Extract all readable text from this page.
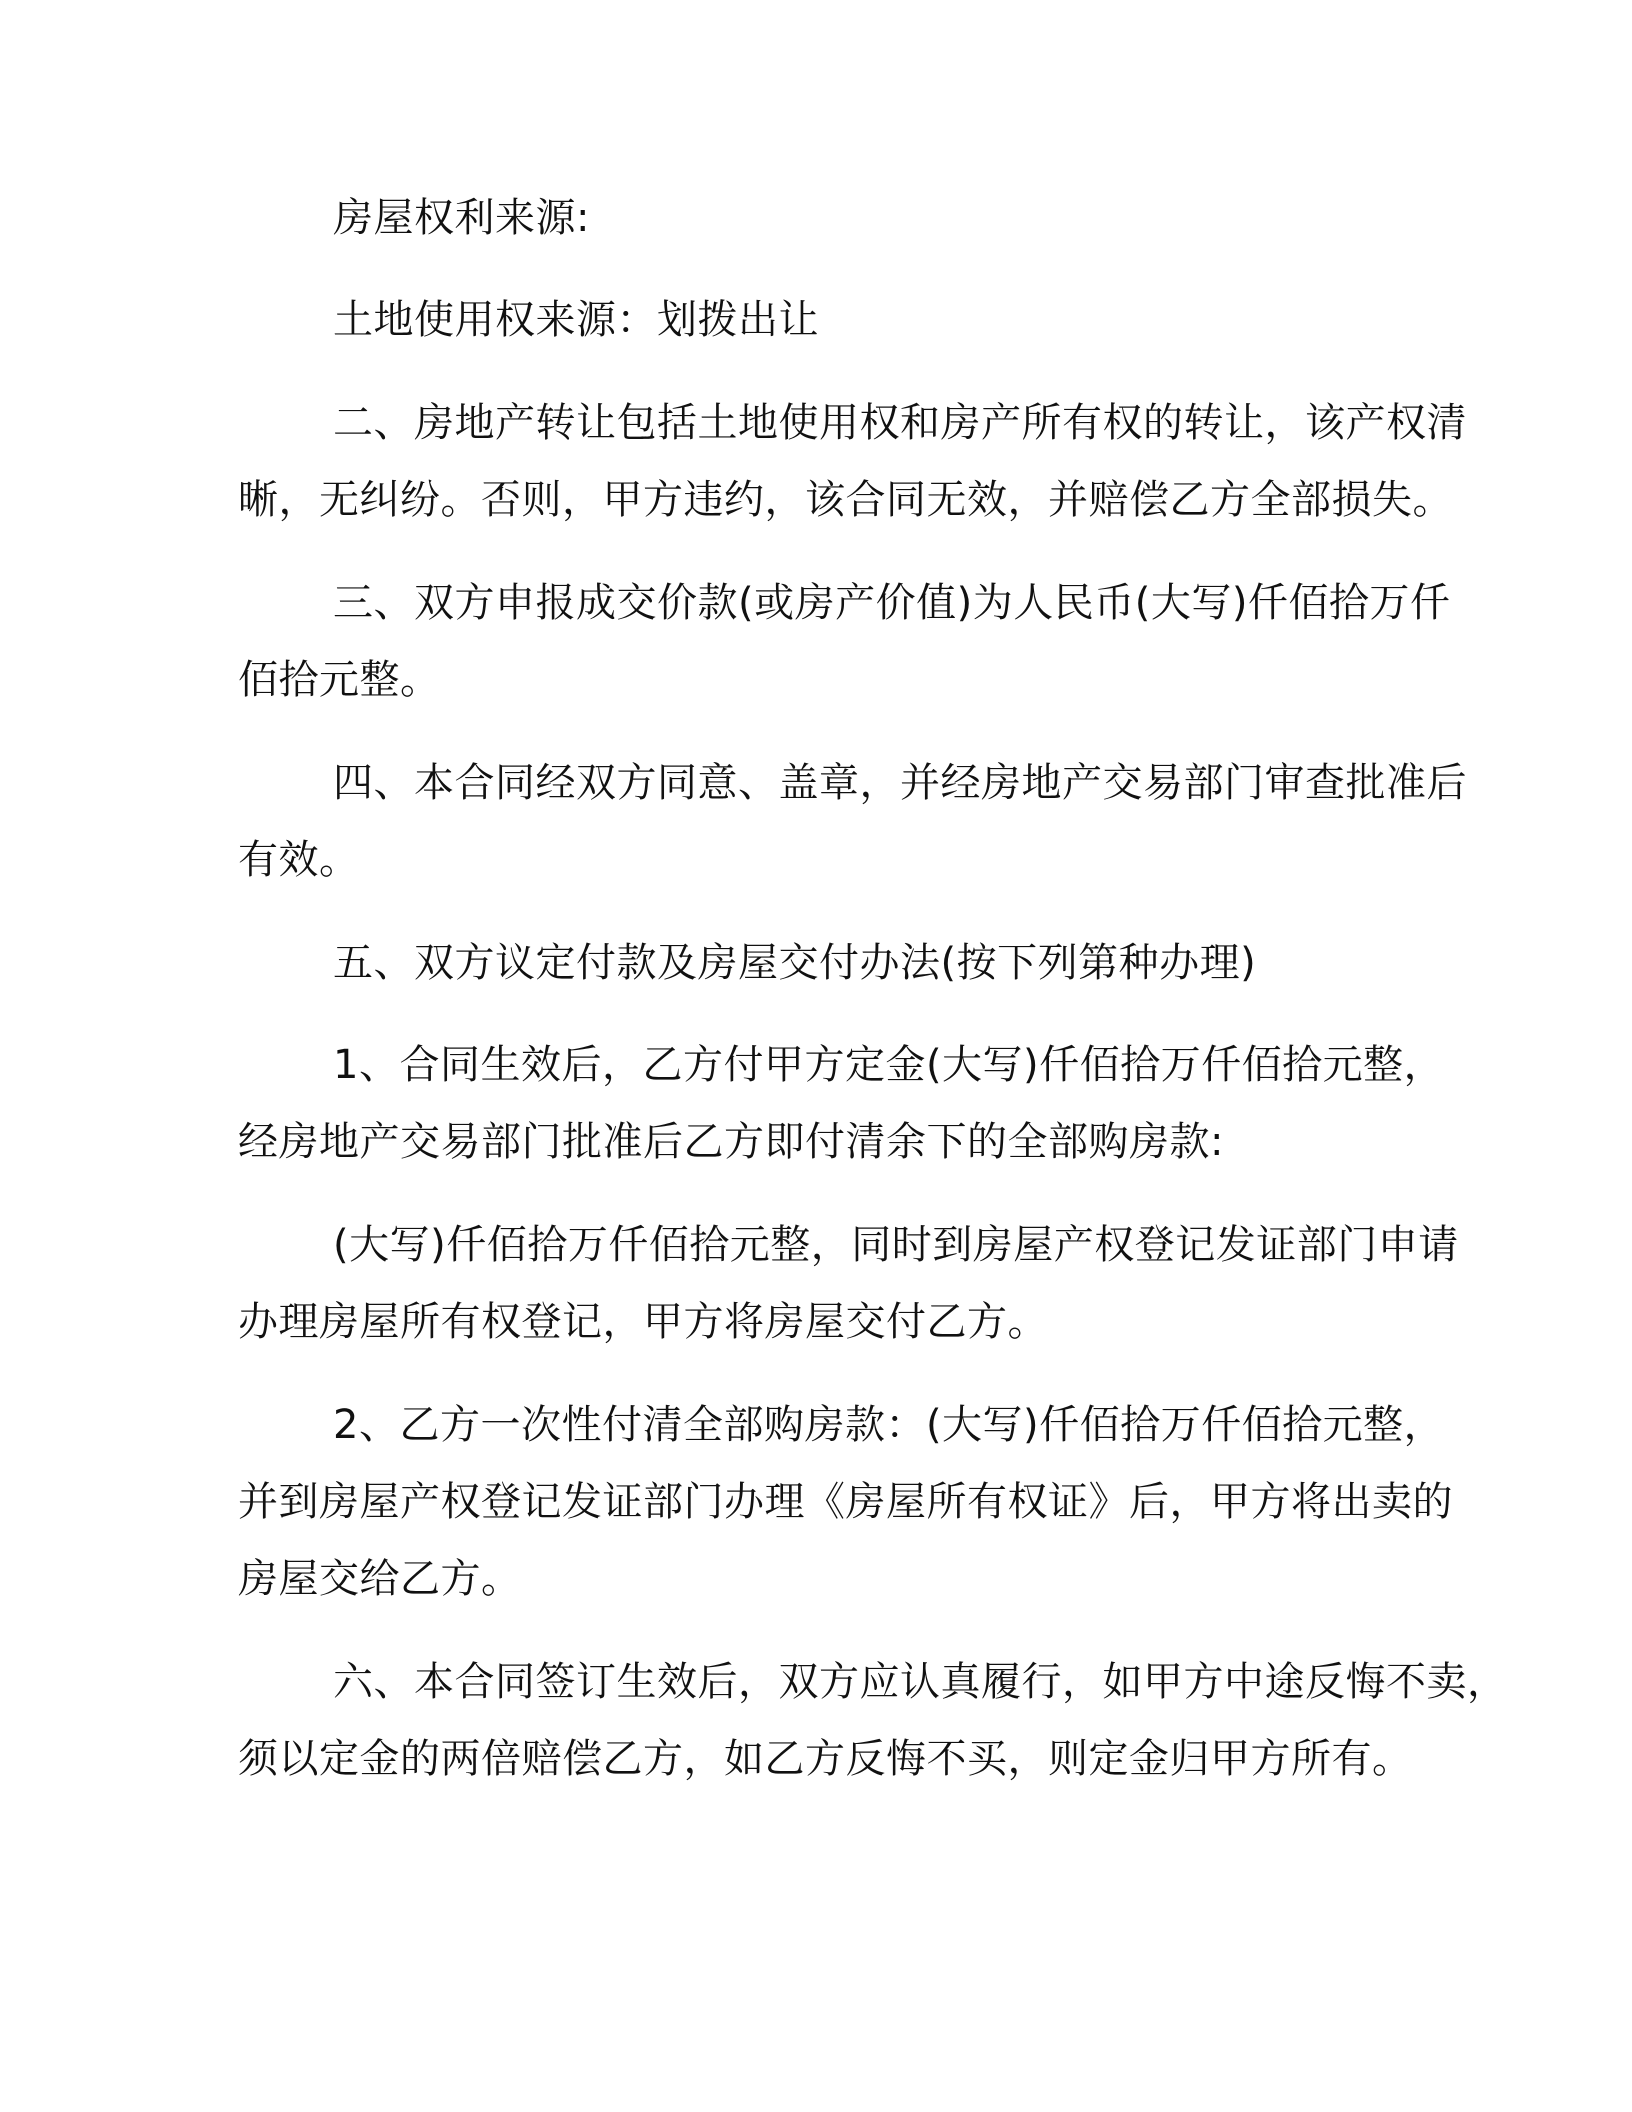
房屋权利来源:
土地使用权来源：划拨出让
二、房地产转让包括土地使用权和房产所有权的转让，该产权清
晰，无纠纷。否则，甲方违约，该合同无效，并赔偿乙方全部损失。
三、双方申报成交价款(或房产价值)为人民币(大写)仟佰拾万仟
佰拾元整。
四、本合同经双方同意、盖章，并经房地产交易部门审查批准后
有效。
五、双方议定付款及房屋交付办法(按下列第种办理)
1、合同生效后，乙方付甲方定金(大写)仟佰拾万仟佰拾元整，
经房地产交易部门批准后乙方即付清余下的全部购房款:
(大写)仟佰拾万仟佰拾元整，同时到房屋产权登记发证部门申请
办理房屋所有权登记，甲方将房屋交付乙方。
2、乙方一次性付清全部购房款：(大写)仟佰拾万仟佰拾元整，
并到房屋产权登记发证部门办理《房屋所有权证》后，甲方将出卖的
房屋交给乙方。
六、本合同签订生效后，双方应认真履行，如甲方中途反悔不卖，
须以定金的两倍赔偿乙方，如乙方反悔不买，则定金归甲方所有。
